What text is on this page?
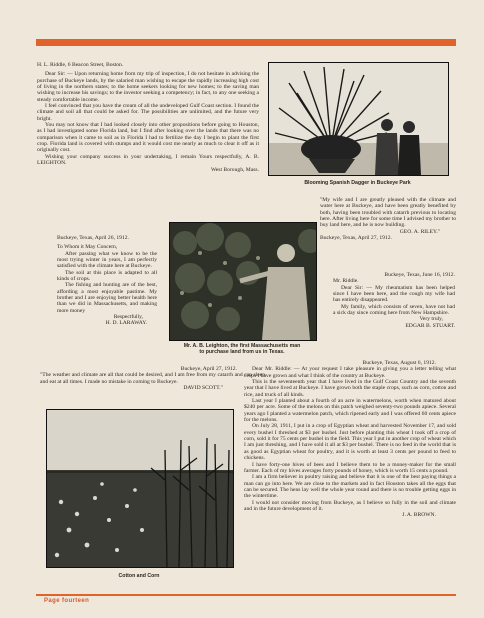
H. L. Riddle, 6 Beacon Street, Boston.

Dear Sir: — Upon returning home from my trip of inspection, I do not hesitate in advising the purchase of Buckeye lands, by the salaried man wishing to escape the rapidly increasing high cost of living in the northern states; to the home seekers looking for new homes; to the saving man wishing to increase his savings; to the investor seeking a competency; in fact, to any one seeking a steady comfortable income.

I feel convinced that you have the cream of all the undeveloped Gulf Coast section. I found the climate and soil all that could be asked for. The possibilities are unlimited, and the future very bright.

You may not know that I had looked closely into other propositions before going to Houston, as I had investigated some Florida land, but I find after looking over the lands that there was no comparison when it came to soil as in Florida I had to fertilize the day I begin to plant the first crop. Florida land is covered with stumps and it would cost me nearly as much to clear it off as it originally cost.

Wishing your company success in your undertaking, I remain Yours respectfully, A. B. LEIGHTON.

West Borough, Mass.

Blooming Spanish Dagger in Buckeye Park

Buckeye, Texas, April 26, 1912.

To Whom it May Concern,

After passing what we know to be the most trying winter in years, I am perfectly satisfied with the climate here at Buckeye.

The soil at this place is adapted to all kinds of crops.

The fishing and hunting are of the best, affording a most enjoyable pastime. My brother and I are enjoying better health here than we did in Massachusetts, and making more money

Respectfully,

H. D. LARAWAY.

Mr. A. B. Leighton, the first Massachusetts man
to purchase land from us in Texas.

"My wife and I are greatly pleased with the climate and water here at Buckeye, and have been greatly benefited by both, having been troubled with catarrh previous to locating here. After living here for some time I advised my brother to buy land here, and he is now building.

GEO. A. RILEY."

Buckeye, Texas, April 27, 1912.

Buckeye, Texas, June 16, 1912.

Mr. Riddle.

Dear Sir: — My rheumatism has been helped since I have been here, and the cough my wife had has entirely disappeared.

My family, which consists of seven, have not had a sick day since coming here from New Hampshire.

Very truly,

EDGAR B. STUART.

Buckeye, April 27, 1912.

"The weather and climate are all that could be desired, and I am free from my catarrh and can sleep and eat at all times. I made no mistake in coming to Buckeye.

DAVID SCOTT."

Cotton and Corn

Buckeye, Texas, August 6, 1912.

Dear Mr. Riddle: — At your request I take pleasure in giving you a letter telling what crops I have grown and what I think of the country at Buckeye.

This is the seventeenth year that I have lived in the Gulf Coast Country and the seventh year that I have lived at Buckeye. I have grown both the staple crops, such as corn, cotton and rice, and truck of all kinds.

Last year I planted about a fourth of an acre in watermelons, worth when matured about $240 per acre. Some of the melons on this patch weighed seventy-two pounds apiece. Several years ago I planted a watermelon patch, which ripened early and I was offered 60 cents apiece for the melons.

On July 28, 1911, I put in a crop of Egyptian wheat and harvested November 17, and sold every bushel I threshed at $3 per bushel. Just before planting this wheat I took off a crop of corn, sold it for 75 cents per bushel in the field. This year I put in another crop of wheat which I am just threshing, and I have sold it all at $3 per bushel. There is no feed in the world that is as good as Egyptian wheat for poultry, and it is worth at least 3 cents per pound to feed to chickens.

I have forty-one hives of bees and I believe them to be a money-maker for the small farmer. Each of my hives averages forty pounds of honey, which is worth 15 cents a pound.

I am a firm believer in poultry raising and believe that it is one of the best paying things a man can go into here. We are close to the markets and in fact Houston takes all the eggs that can be secured. The hens lay well the whole year round and there is no trouble getting eggs in the wintertime.

I would not consider moving from Buckeye, as I believe so fully in the soil and climate and in the future development of it.

J. A. BROWN.

Page fourteen
